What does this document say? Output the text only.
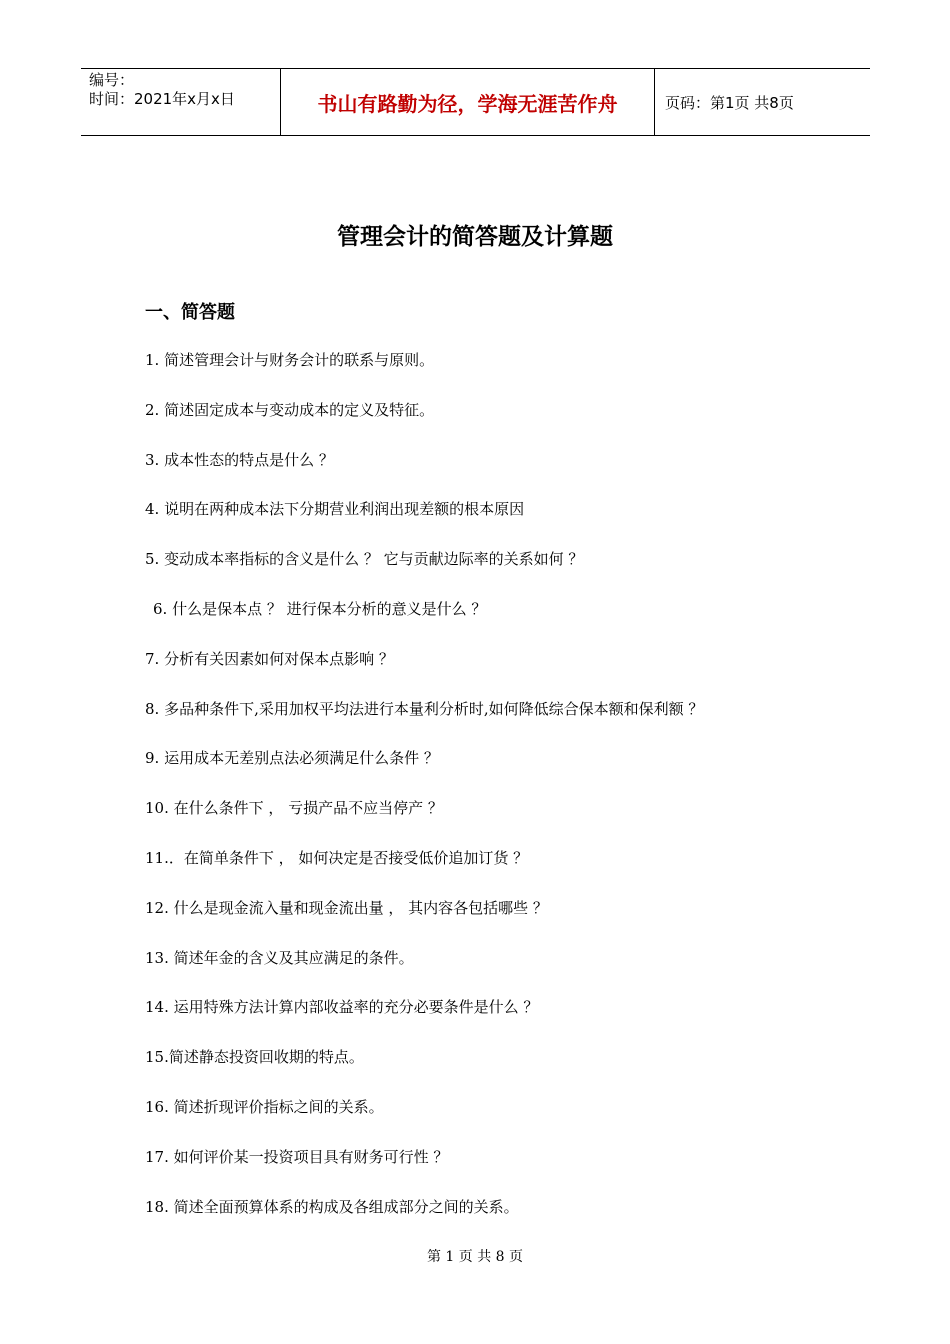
编号：
时间：2021年x月x日	书山有路勤为径，学海无涯苦作舟	页码：第1页 共8页
管理会计的简答题及计算题
一、简答题
1. 简述管理会计与财务会计的联系与原则。
2. 简述固定成本与变动成本的定义及特征。
3. 成本性态的特点是什么 ？
4. 说明在两种成本法下分期营业利润出现差额的根本原因
5. 变动成本率指标的含义是什么 ？ 它与贡献边际率的关系如何 ？
6. 什么是保本点 ？ 进行保本分析的意义是什么 ？
7. 分析有关因素如何对保本点影响 ？
8. 多品种条件下,采用加权平均法进行本量利分析时,如何降低综合保本额和保利额 ？
9. 运用成本无差别点法必须满足什么条件 ？
10. 在什么条件下 ， 亏损产品不应当停产 ？
11.．在简单条件下 ， 如何决定是否接受低价追加订货 ？
12. 什么是现金流入量和现金流出量 ， 其内容各包括哪些 ？
13. 简述年金的含义及其应满足的条件。
14. 运用特殊方法计算内部收益率的充分必要条件是什么 ？
15.简述静态投资回收期的特点。
16. 简述折现评价指标之间的关系。
17. 如何评价某一投资项目具有财务可行性 ？
18. 简述全面预算体系的构成及各组成部分之间的关系。
第 1 页 共 8 页
